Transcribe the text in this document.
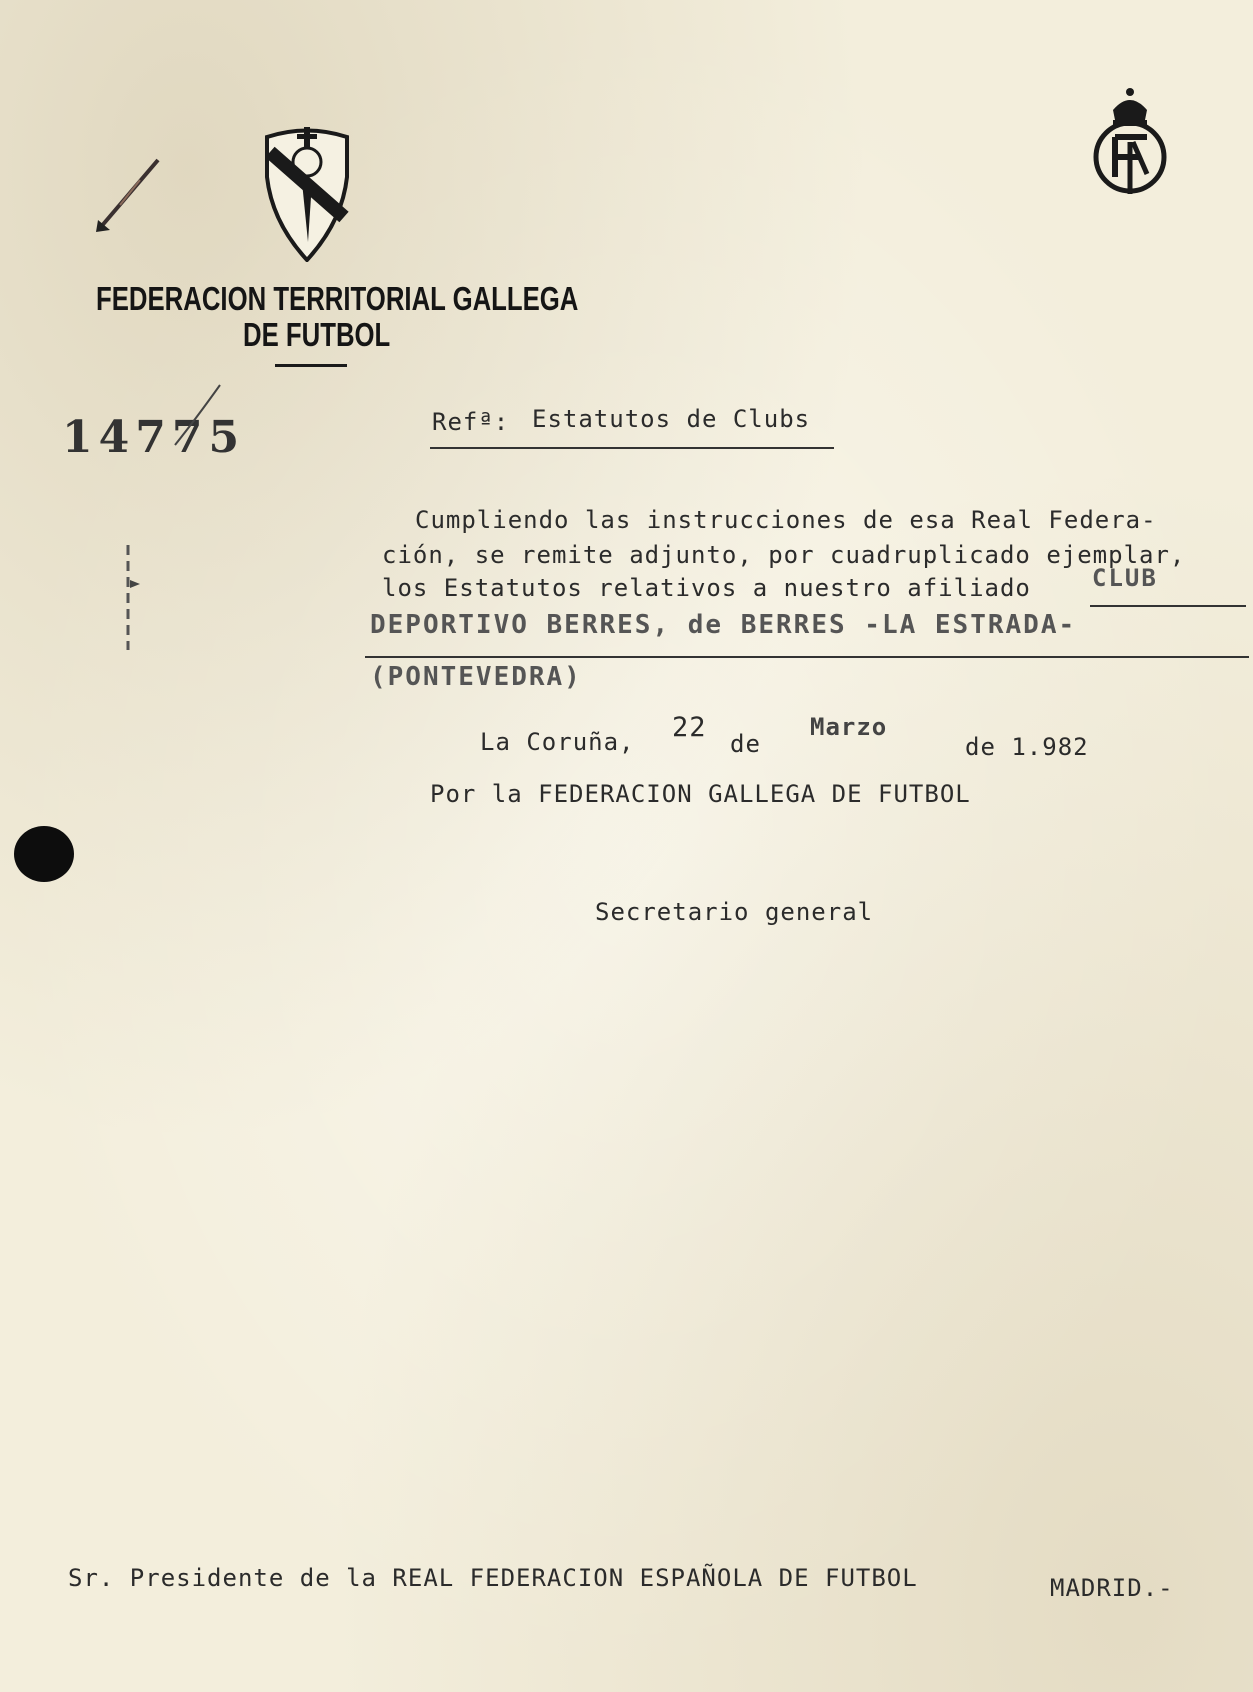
FEDERACION TERRITORIAL GALLEGA
DE FUTBOL
14775	Refª: Estatutos de Clubs
Cumpliendo las instrucciones de esa Real Federa-
ción, se remite adjunto, por cuadruplicado ejemplar,
los Estatutos relativos a nuestro afiliado	CLUB
DEPORTIVO BERRES, de BERRES -LA ESTRADA-
(PONTEVEDRA)
La Coruña, 22
de
Marzo
de 1.982
Por la FEDERACION GALLEGA DE FUTBOL
Secretario general
Sr. Presidente de la REAL FEDERACION ESPAÑOLA DE FUTBOL	MADRID.-
